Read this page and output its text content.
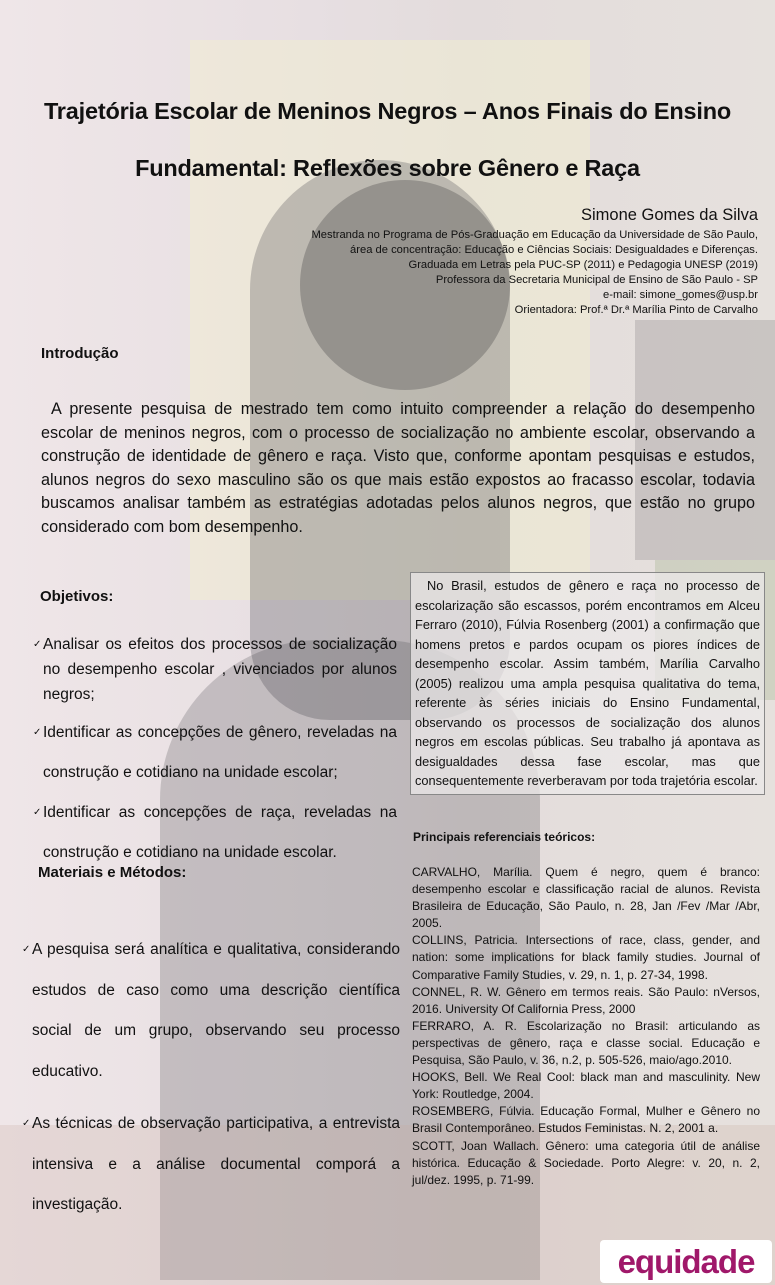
Trajetória Escolar de Meninos Negros – Anos Finais do Ensino
Fundamental: Reflexões sobre Gênero e Raça
Simone Gomes da Silva
Mestranda no Programa de Pós-Graduação em Educação da Universidade de São Paulo,
área de concentração: Educação e Ciências Sociais: Desigualdades e Diferenças.
Graduada em Letras pela PUC-SP (2011) e Pedagogia UNESP (2019)
Professora da Secretaria Municipal de Ensino de São Paulo - SP
e-mail: simone_gomes@usp.br
Orientadora: Prof.ª Dr.ª Marília Pinto de Carvalho
Introdução

A presente pesquisa de mestrado tem como intuito compreender a relação do desempenho escolar de meninos negros, com o processo de socialização no ambiente escolar, observando a construção de identidade de gênero e raça. Visto que, conforme apontam pesquisas e estudos, alunos negros do sexo masculino são os que mais estão expostos ao fracasso escolar, todavia buscamos analisar também as estratégias adotadas pelos alunos negros, que estão no grupo considerado com bom desempenho.

Objetivos:
✓ Analisar os efeitos dos processos de socialização no desempenho escolar , vivenciados por alunos negros;
✓ Identificar as concepções de gênero, reveladas na construção e cotidiano na unidade escolar;
✓ Identificar as concepções de raça, reveladas na construção e cotidiano na unidade escolar.
No Brasil, estudos de gênero e raça no processo de escolarização são escassos, porém encontramos em Alceu Ferraro (2010), Fúlvia Rosenberg (2001) a confirmação que homens pretos e pardos ocupam os piores índices de desempenho escolar. Assim também, Marília Carvalho (2005) realizou uma ampla pesquisa qualitativa do tema, referente às séries iniciais do Ensino Fundamental, observando os processos de socialização dos alunos negros em escolas públicas. Seu trabalho já apontava as desigualdades dessa fase escolar, mas que consequentemente reverberavam por toda trajetória escolar.
Materiais e Métodos:
✓ A pesquisa será analítica e qualitativa, considerando estudos de caso como uma descrição científica social de um grupo, observando seu processo educativo.
✓ As técnicas de observação participativa, a entrevista intensiva e a análise documental comporá a investigação.
Principais referenciais teóricos:

CARVALHO, Marília. Quem é negro, quem é branco: desempenho escolar e classificação racial de alunos. Revista Brasileira de Educação, São Paulo, n. 28, Jan /Fev /Mar /Abr, 2005.

COLLINS, Patricia. Intersections of race, class, gender, and nation: some implications for black family studies. Journal of Comparative Family Studies, v. 29, n. 1, p. 27-34, 1998.

CONNEL, R. W. Gênero em termos reais. São Paulo: nVersos, 2016. University Of California Press, 2000

FERRARO, A. R. Escolarização no Brasil: articulando as perspectivas de gênero, raça e classe social. Educação e Pesquisa, São Paulo, v. 36, n.2, p. 505-526, maio/ago.2010.

HOOKS, Bell. We Real Cool: black man and masculinity. New York: Routledge, 2004.

ROSEMBERG, Fúlvia. Educação Formal, Mulher e Gênero no Brasil Contemporâneo. Estudos Feministas. N. 2, 2001 a.

SCOTT, Joan Wallach. Gênero: uma categoria útil de análise histórica. Educação & Sociedade. Porto Alegre: v. 20, n. 2, jul/dez. 1995, p. 71-99.

equidade
